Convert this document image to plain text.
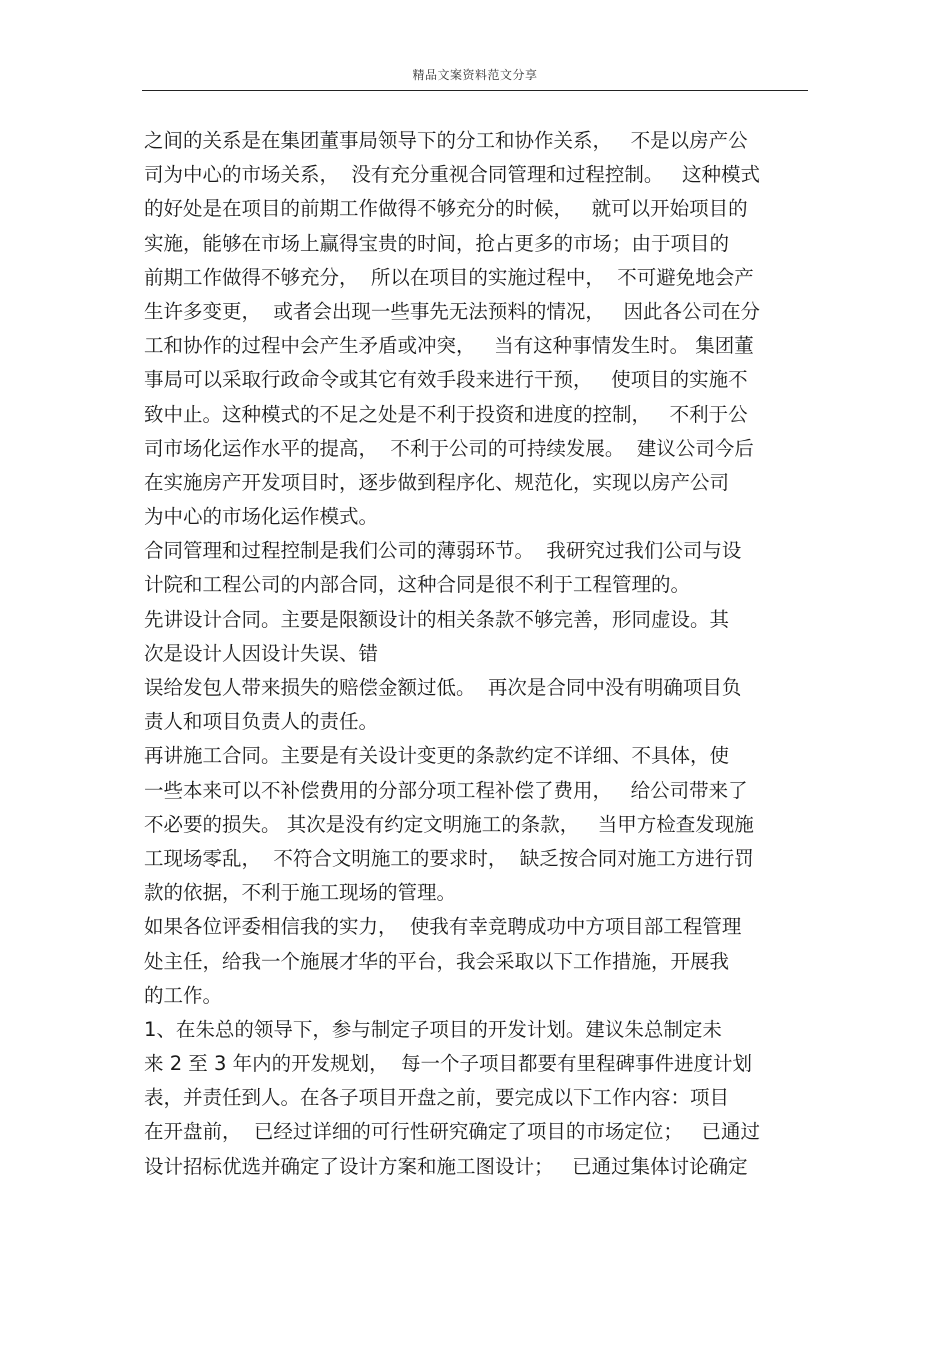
精品文案资料范文分享
之间的关系是在集团董事局领导下的分工和协作关系，   不是以房产公
司为中心的市场关系，  没有充分重视合同管理和过程控制。   这种模式
的好处是在项目的前期工作做得不够充分的时候，   就可以开始项目的
实施，能够在市场上赢得宝贵的时间，抢占更多的市场；由于项目的
前期工作做得不够充分，  所以在项目的实施过程中，  不可避免地会产
生许多变更，  或者会出现一些事先无法预料的情况，   因此各公司在分
工和协作的过程中会产生矛盾或冲突，   当有这种事情发生时。 集团董
事局可以采取行政命令或其它有效手段来进行干预，   使项目的实施不
致中止。这种模式的不足之处是不利于投资和进度的控制，   不利于公
司市场化运作水平的提高，  不利于公司的可持续发展。  建议公司今后
在实施房产开发项目时，逐步做到程序化、规范化，实现以房产公司
为中心的市场化运作模式。
合同管理和过程控制是我们公司的薄弱环节。  我研究过我们公司与设
计院和工程公司的内部合同，这种合同是很不利于工程管理的。
先讲设计合同。主要是限额设计的相关条款不够完善，形同虚设。其
次是设计人因设计失误、错
误给发包人带来损失的赔偿金额过低。  再次是合同中没有明确项目负
责人和项目负责人的责任。
再讲施工合同。主要是有关设计变更的条款约定不详细、不具体，使
一些本来可以不补偿费用的分部分项工程补偿了费用，   给公司带来了
不必要的损失。 其次是没有约定文明施工的条款，   当甲方检查发现施
工现场零乱，  不符合文明施工的要求时，  缺乏按合同对施工方进行罚
款的依据，不利于施工现场的管理。
如果各位评委相信我的实力，  使我有幸竞聘成功中方项目部工程管理
处主任，给我一个施展才华的平台，我会采取以下工作措施，开展我
的工作。
1、在朱总的领导下，参与制定子项目的开发计划。建议朱总制定未
来 2 至 3 年内的开发规划，  每一个子项目都要有里程碑事件进度计划
表，并责任到人。在各子项目开盘之前，要完成以下工作内容：项目
在开盘前，  已经过详细的可行性研究确定了项目的市场定位；   已通过
设计招标优选并确定了设计方案和施工图设计；   已通过集体讨论确定
